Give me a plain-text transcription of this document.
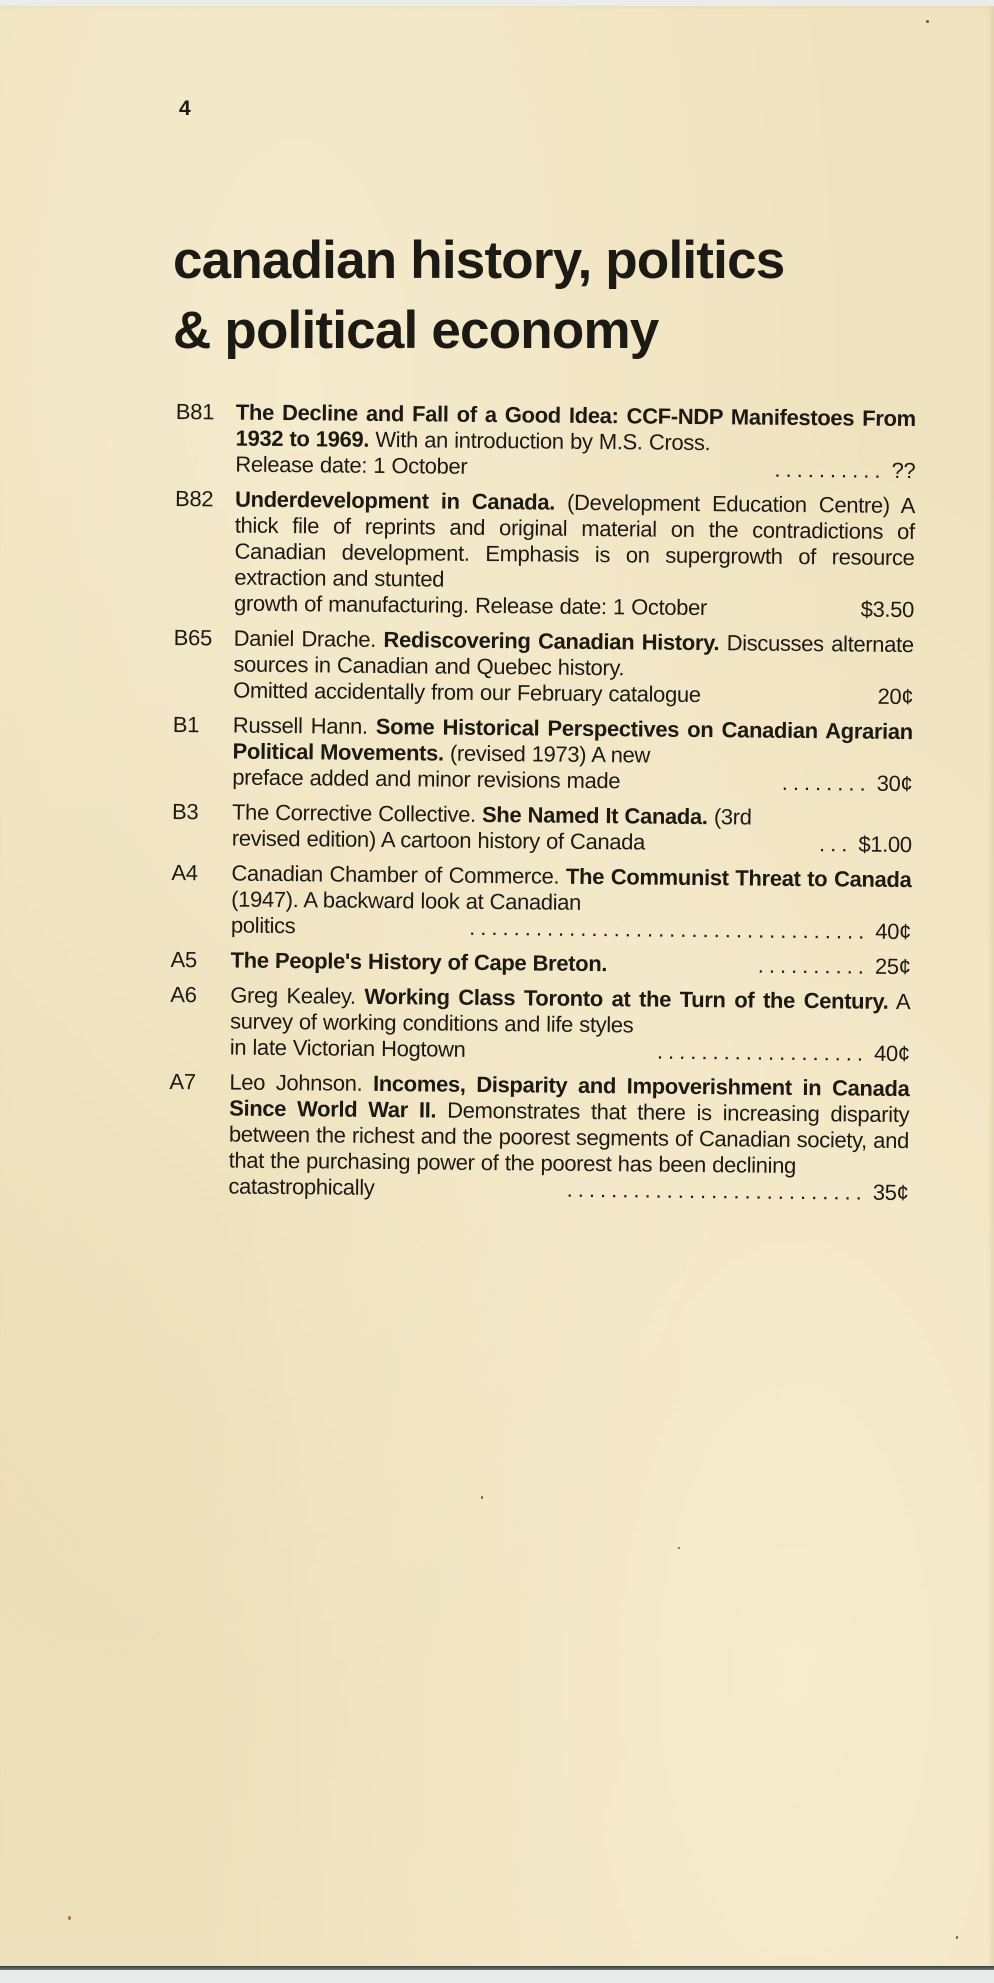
4
canadian history, politics
& political economy
B81 The Decline and Fall of a Good Idea: CCF-NDP Manifestoes From 1932 to 1969. With an introduction by M.S. Cross.
Release date: 1 October	.......... ??
B82 Underdevelopment in Canada. (Development Education Centre) A thick file of reprints and original material on the contradictions of Canadian development. Emphasis is on supergrowth of resource extraction and stunted
growth of manufacturing. Release date: 1 October	$3.50
B65 Daniel Drache. Rediscovering Canadian History. Discusses alternate sources in Canadian and Quebec history.
Omitted accidentally from our February catalogue	20¢
B1	Russell Hann. Some Historical Perspectives on Canadian Agrarian Political Movements. (revised 1973) A new
preface added and minor revisions made	........ 30¢
B3	The Corrective Collective. She Named It Canada. (3rd
revised edition) A cartoon history of Canada	... $1.00
A4	Canadian Chamber of Commerce. The Communist Threat to Canada (1947). A backward look at Canadian
politics	.................................... 40¢
A5	The People's History of Cape Breton.	.......... 25¢
A6	Greg Kealey. Working Class Toronto at the Turn of the Century. A survey of working conditions and life styles
in late Victorian Hogtown	................... 40¢
A7	Leo Johnson. Incomes, Disparity and Impoverishment in Canada Since World War II. Demonstrates that there is increasing disparity between the richest and the poorest segments of Canadian society, and that the purchasing power of the poorest has been declining
catastrophically	........................... 35¢
